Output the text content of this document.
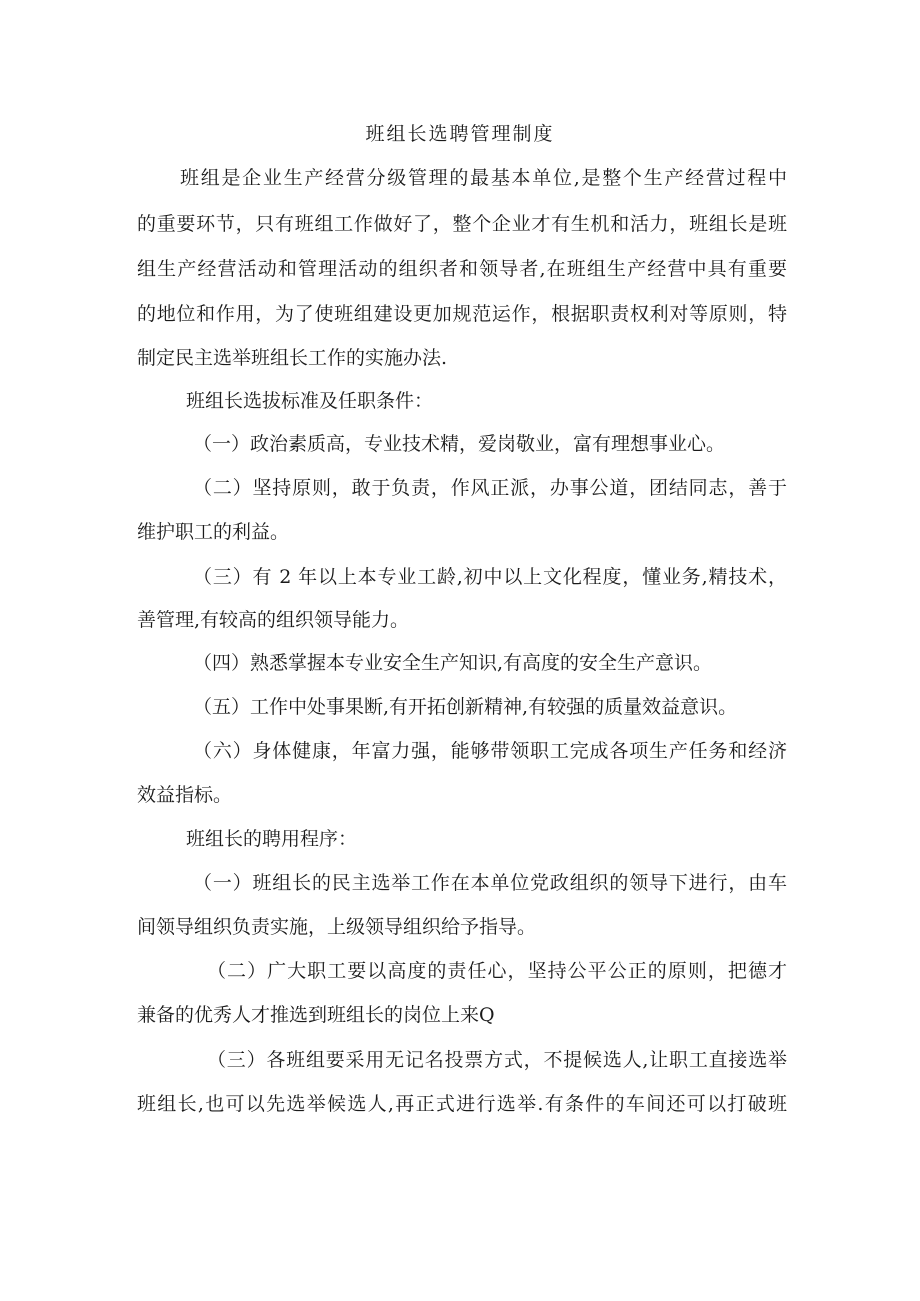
班组长选聘管理制度
班组是企业生产经营分级管理的最基本单位,是整个生产经营过程中
的重要环节，只有班组工作做好了，整个企业才有生机和活力，班组长是班
组生产经营活动和管理活动的组织者和领导者,在班组生产经营中具有重要
的地位和作用，为了使班组建设更加规范运作，根据职责权利对等原则，特
制定民主选举班组长工作的实施办法.
班组长选拔标准及任职条件：
（一）政治素质高，专业技术精，爱岗敬业，富有理想事业心。
（二）坚持原则，敢于负责，作风正派，办事公道，团结同志，善于
维护职工的利益。
（三）有 2 年以上本专业工龄,初中以上文化程度，懂业务,精技术，
善管理,有较高的组织领导能力。
（四）熟悉掌握本专业安全生产知识,有高度的安全生产意识。
（五）工作中处事果断,有开拓创新精神,有较强的质量效益意识。
（六）身体健康，年富力强，能够带领职工完成各项生产任务和经济
效益指标。
班组长的聘用程序：
（一）班组长的民主选举工作在本单位党政组织的领导下进行，由车
间领导组织负责实施，上级领导组织给予指导。
（二）广大职工要以高度的责任心，坚持公平公正的原则，把德才
兼备的优秀人才推选到班组长的岗位上来Q
（三）各班组要采用无记名投票方式，不提候选人,让职工直接选举
班组长,也可以先选举候选人,再正式进行选举.有条件的车间还可以打破班
